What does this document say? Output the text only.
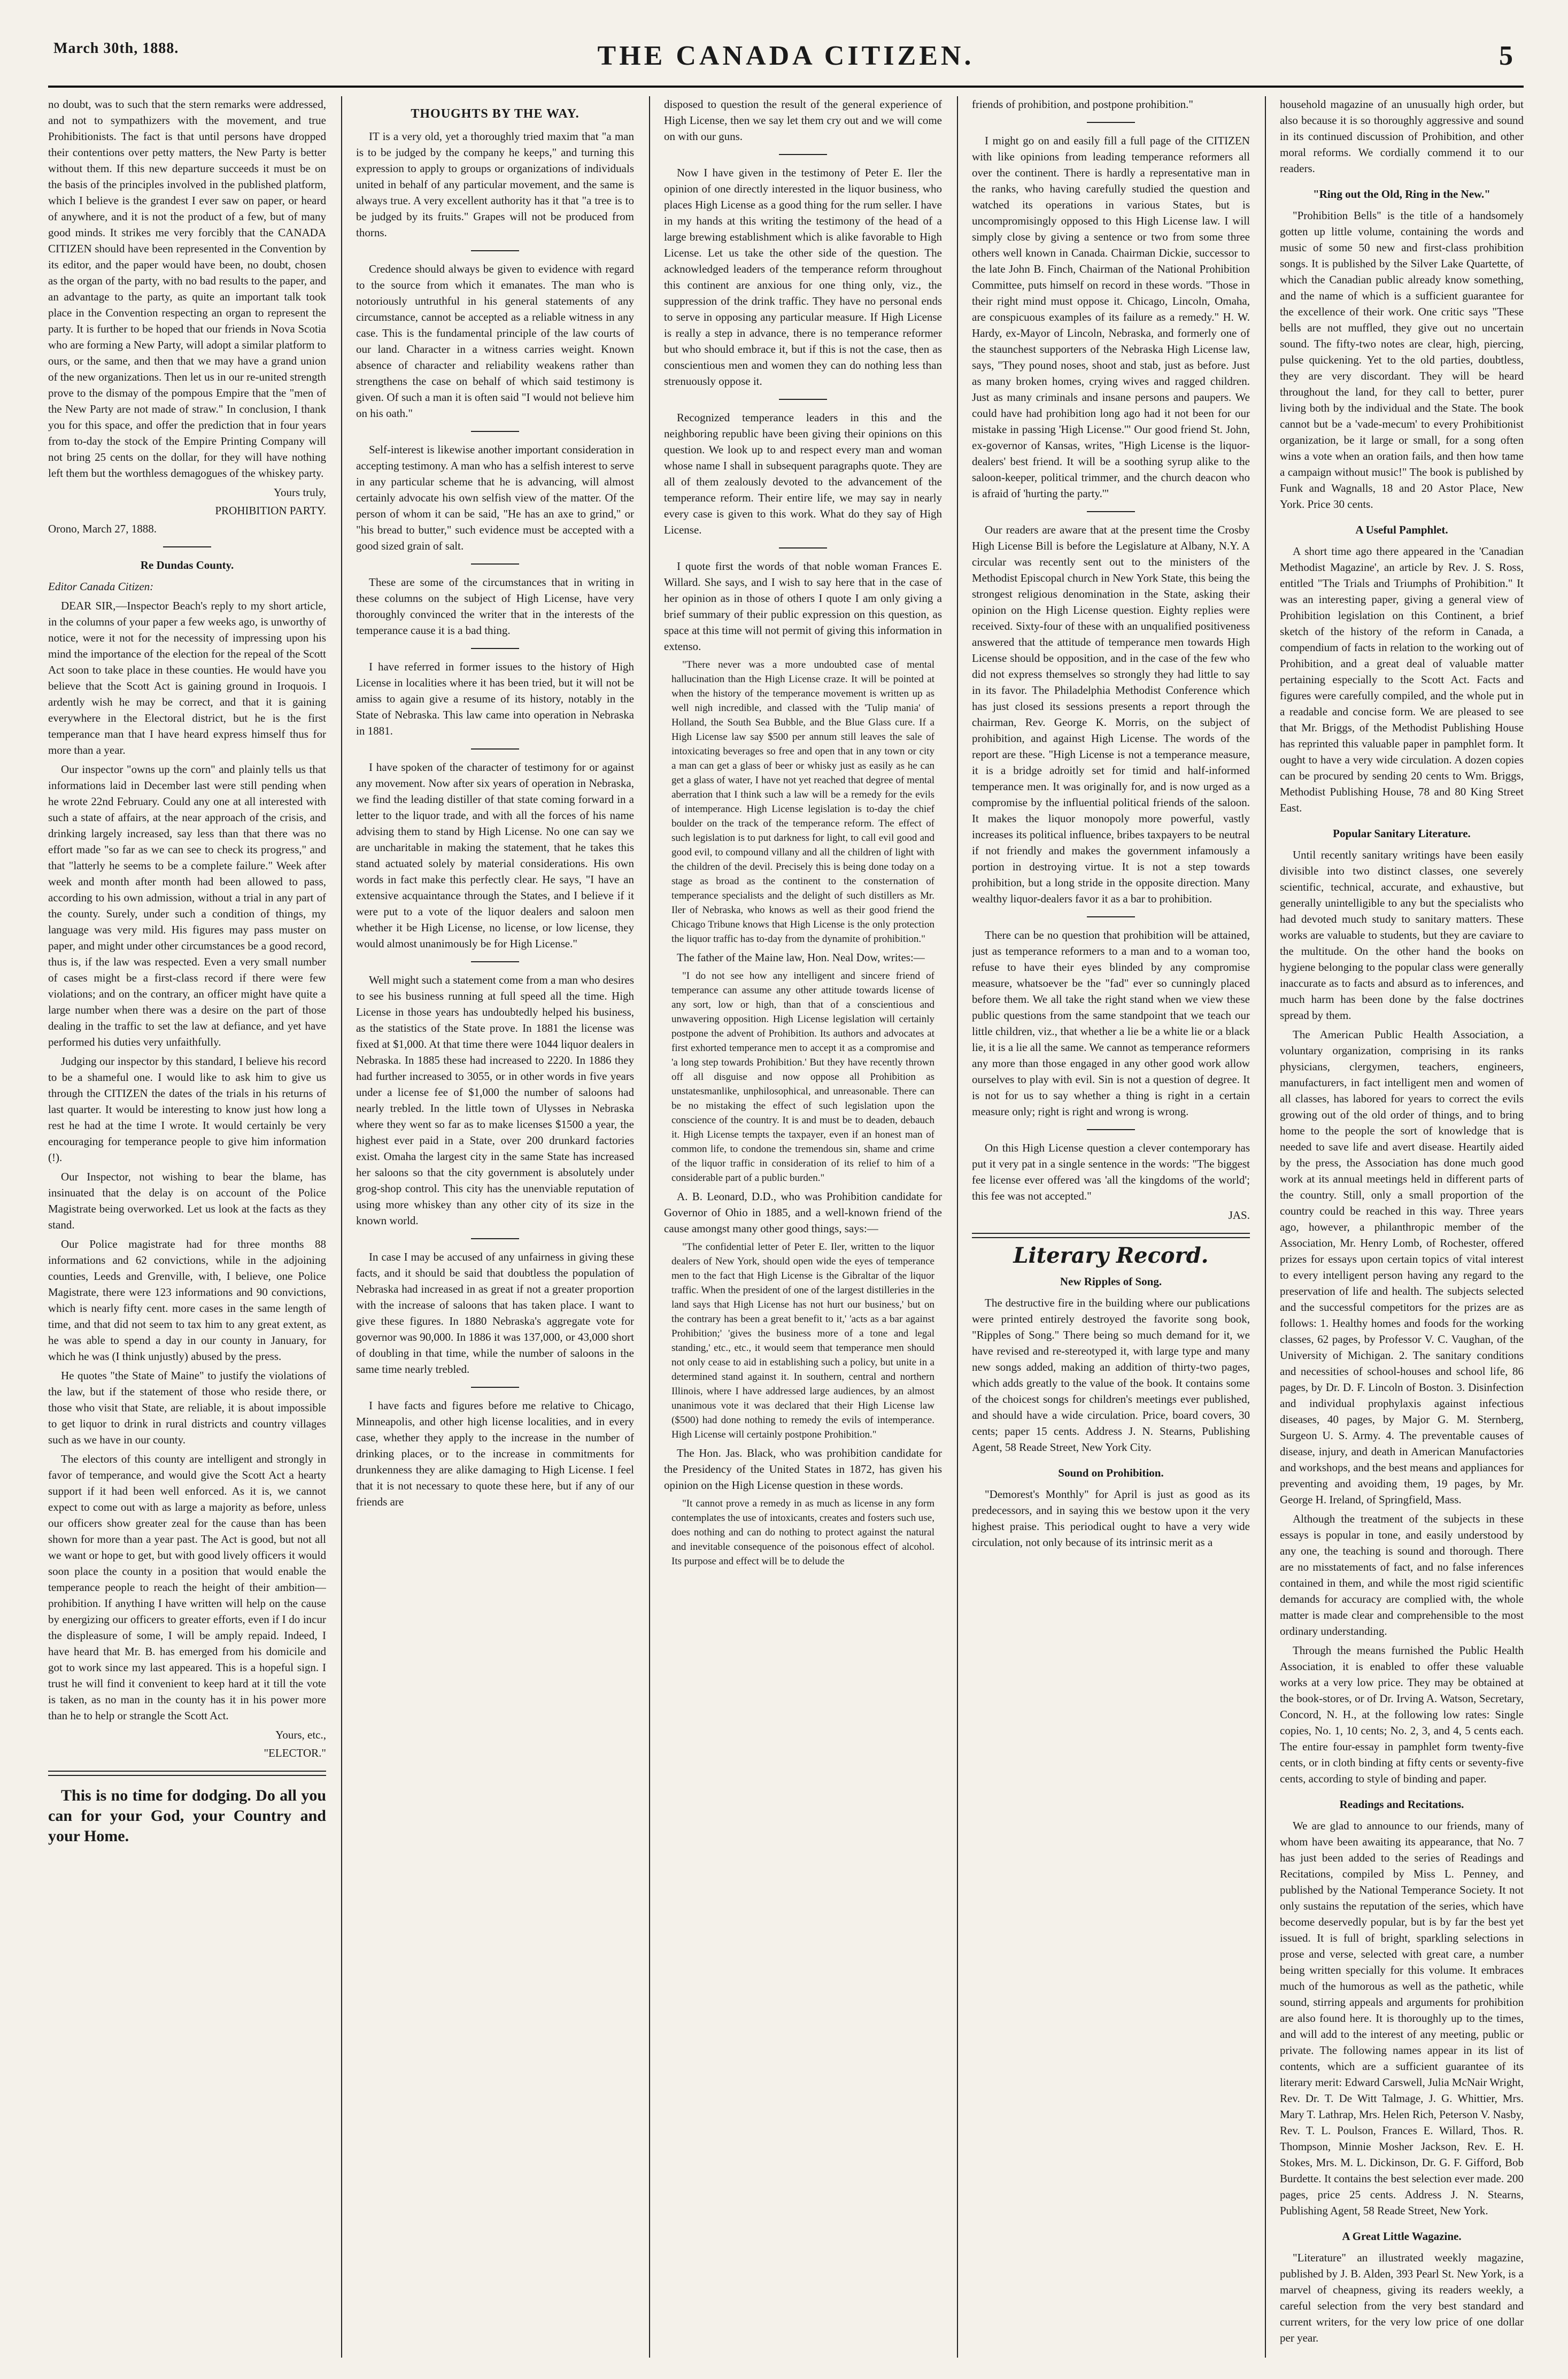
March 30th, 1888.	THE CANADA CITIZEN.	5

no doubt, was to such that the stern remarks were addressed, and not to sympathizers with the movement, and true Prohibitionists. The fact is that until persons have dropped their contentions over petty matters, the New Party is better without them. If this new departure succeeds it must be on the basis of the principles involved in the published platform, which I believe is the grandest I ever saw on paper, or heard of anywhere, and it is not the product of a few, but of many good minds. It strikes me very forcibly that the CANADA CITIZEN should have been represented in the Convention by its editor, and the paper would have been, no doubt, chosen as the organ of the party, with no bad results to the paper, and an advantage to the party, as quite an important talk took place in the Convention respecting an organ to represent the party. It is further to be hoped that our friends in Nova Scotia who are forming a New Party, will adopt a similar platform to ours, or the same, and then that we may have a grand union of the new organizations. Then let us in our re-united strength prove to the dismay of the pompous Empire that the "men of the New Party are not made of straw." In conclusion, I thank you for this space, and offer the prediction that in four years from to-day the stock of the Empire Printing Company will not bring 25 cents on the dollar, for they will have nothing left them but the worthless demagogues of the whiskey party.

Yours truly,

PROHIBITION PARTY.

Orono, March 27, 1888.

Re Dundas County.

Editor Canada Citizen:

DEAR SIR,—Inspector Beach's reply to my short article, in the columns of your paper a few weeks ago, is unworthy of notice, were it not for the necessity of impressing upon his mind the importance of the election for the repeal of the Scott Act soon to take place in these counties. He would have you believe that the Scott Act is gaining ground in Iroquois. I ardently wish he may be correct, and that it is gaining everywhere in the Electoral district, but he is the first temperance man that I have heard express himself thus for more than a year.

Our inspector "owns up the corn" and plainly tells us that informations laid in December last were still pending when he wrote 22nd February. Could any one at all interested with such a state of affairs, at the near approach of the crisis, and drinking largely increased, say less than that there was no effort made "so far as we can see to check its progress," and that "latterly he seems to be a complete failure." Week after week and month after month had been allowed to pass, according to his own admission, without a trial in any part of the county. Surely, under such a condition of things, my language was very mild. His figures may pass muster on paper, and might under other circumstances be a good record, thus is, if the law was respected. Even a very small number of cases might be a first-class record if there were few violations; and on the contrary, an officer might have quite a large number when there was a desire on the part of those dealing in the traffic to set the law at defiance, and yet have performed his duties very unfaithfully.

Judging our inspector by this standard, I believe his record to be a shameful one. I would like to ask him to give us through the CITIZEN the dates of the trials in his returns of last quarter. It would be interesting to know just how long a rest he had at the time I wrote. It would certainly be very encouraging for temperance people to give him information (!).

Our Inspector, not wishing to bear the blame, has insinuated that the delay is on account of the Police Magistrate being overworked. Let us look at the facts as they stand.

Our Police magistrate had for three months 88 informations and 62 convictions, while in the adjoining counties, Leeds and Grenville, with, I believe, one Police Magistrate, there were 123 informations and 90 convictions, which is nearly fifty cent. more cases in the same length of time, and that did not seem to tax him to any great extent, as he was able to spend a day in our county in January, for which he was (I think unjustly) abused by the press.

He quotes "the State of Maine" to justify the violations of the law, but if the statement of those who reside there, or those who visit that State, are reliable, it is about impossible to get liquor to drink in rural districts and country villages such as we have in our county.

The electors of this county are intelligent and strongly in favor of temperance, and would give the Scott Act a hearty support if it had been well enforced. As it is, we cannot expect to come out with as large a majority as before, unless our officers show greater zeal for the cause than has been shown for more than a year past. The Act is good, but not all we want or hope to get, but with good lively officers it would soon place the county in a position that would enable the temperance people to reach the height of their ambition—prohibition. If anything I have written will help on the cause by energizing our officers to greater efforts, even if I do incur the displeasure of some, I will be amply repaid. Indeed, I have heard that Mr. B. has emerged from his domicile and got to work since my last appeared. This is a hopeful sign. I trust he will find it convenient to keep hard at it till the vote is taken, as no man in the county has it in his power more than he to help or strangle the Scott Act.

Yours, etc.,

"ELECTOR."

This is no time for dodging. Do all you can for your God, your Country and your Home.

THOUGHTS BY THE WAY.

IT is a very old, yet a thoroughly tried maxim that "a man is to be judged by the company he keeps," and turning this expression to apply to groups or organizations of individuals united in behalf of any particular movement, and the same is always true. A very excellent authority has it that "a tree is to be judged by its fruits." Grapes will not be produced from thorns.

Credence should always be given to evidence with regard to the source from which it emanates. The man who is notoriously untruthful in his general statements of any circumstance, cannot be accepted as a reliable witness in any case. This is the fundamental principle of the law courts of our land. Character in a witness carries weight. Known absence of character and reliability weakens rather than strengthens the case on behalf of which said testimony is given. Of such a man it is often said "I would not believe him on his oath."

Self-interest is likewise another important consideration in accepting testimony. A man who has a selfish interest to serve in any particular scheme that he is advancing, will almost certainly advocate his own selfish view of the matter. Of the person of whom it can be said, "He has an axe to grind," or "his bread to butter," such evidence must be accepted with a good sized grain of salt.

These are some of the circumstances that in writing in these columns on the subject of High License, have very thoroughly convinced the writer that in the interests of the temperance cause it is a bad thing.

I have referred in former issues to the history of High License in localities where it has been tried, but it will not be amiss to again give a resume of its history, notably in the State of Nebraska. This law came into operation in Nebraska in 1881.

I have spoken of the character of testimony for or against any movement. Now after six years of operation in Nebraska, we find the leading distiller of that state coming forward in a letter to the liquor trade, and with all the forces of his name advising them to stand by High License. No one can say we are uncharitable in making the statement, that he takes this stand actuated solely by material considerations. His own words in fact make this perfectly clear. He says, "I have an extensive acquaintance through the States, and I believe if it were put to a vote of the liquor dealers and saloon men whether it be High License, no license, or low license, they would almost unanimously be for High License."

Well might such a statement come from a man who desires to see his business running at full speed all the time. High License in those years has undoubtedly helped his business, as the statistics of the State prove. In 1881 the license was fixed at $1,000. At that time there were 1044 liquor dealers in Nebraska. In 1885 these had increased to 2220. In 1886 they had further increased to 3055, or in other words in five years under a license fee of $1,000 the number of saloons had nearly trebled. In the little town of Ulysses in Nebraska where they went so far as to make licenses $1500 a year, the highest ever paid in a State, over 200 drunkard factories exist. Omaha the largest city in the same State has increased her saloons so that the city government is absolutely under grog-shop control. This city has the unenviable reputation of using more whiskey than any other city of its size in the known world.

In case I may be accused of any unfairness in giving these facts, and it should be said that doubtless the population of Nebraska had increased in as great if not a greater proportion with the increase of saloons that has taken place. I want to give these figures. In 1880 Nebraska's aggregate vote for governor was 90,000. In 1886 it was 137,000, or 43,000 short of doubling in that time, while the number of saloons in the same time nearly trebled.

I have facts and figures before me relative to Chicago, Minneapolis, and other high license localities, and in every case, whether they apply to the increase in the number of drinking places, or to the increase in commitments for drunkenness they are alike damaging to High License. I feel that it is not necessary to quote these here, but if any of our friends are

disposed to question the result of the general experience of High License, then we say let them cry out and we will come on with our guns.

Now I have given in the testimony of Peter E. Iler the opinion of one directly interested in the liquor business, who places High License as a good thing for the rum seller. I have in my hands at this writing the testimony of the head of a large brewing establishment which is alike favorable to High License. Let us take the other side of the question. The acknowledged leaders of the temperance reform throughout this continent are anxious for one thing only, viz., the suppression of the drink traffic. They have no personal ends to serve in opposing any particular measure. If High License is really a step in advance, there is no temperance reformer but who should embrace it, but if this is not the case, then as conscientious men and women they can do nothing less than strenuously oppose it.

Recognized temperance leaders in this and the neighboring republic have been giving their opinions on this question. We look up to and respect every man and woman whose name I shall in subsequent paragraphs quote. They are all of them zealously devoted to the advancement of the temperance reform. Their entire life, we may say in nearly every case is given to this work. What do they say of High License.

I quote first the words of that noble woman Frances E. Willard. She says, and I wish to say here that in the case of her opinion as in those of others I quote I am only giving a brief summary of their public expression on this question, as space at this time will not permit of giving this information in extenso.

"There never was a more undoubted case of mental hallucination than the High License craze. It will be pointed at when the history of the temperance movement is written up as well nigh incredible, and classed with the 'Tulip mania' of Holland, the South Sea Bubble, and the Blue Glass cure. If a High License law say $500 per annum still leaves the sale of intoxicating beverages so free and open that in any town or city a man can get a glass of beer or whisky just as easily as he can get a glass of water, I have not yet reached that degree of mental aberration that I think such a law will be a remedy for the evils of intemperance. High License legislation is to-day the chief boulder on the track of the temperance reform. The effect of such legislation is to put darkness for light, to call evil good and good evil, to compound villany and all the children of light with the children of the devil. Precisely this is being done today on a stage as broad as the continent to the consternation of temperance specialists and the delight of such distillers as Mr. Iler of Nebraska, who knows as well as their good friend the Chicago Tribune knows that High License is the only protection the liquor traffic has to-day from the dynamite of prohibition."

The father of the Maine law, Hon. Neal Dow, writes:—

"I do not see how any intelligent and sincere friend of temperance can assume any other attitude towards license of any sort, low or high, than that of a conscientious and unwavering opposition. High License legislation will certainly postpone the advent of Prohibition. Its authors and advocates at first exhorted temperance men to accept it as a compromise and 'a long step towards Prohibition.' But they have recently thrown off all disguise and now oppose all Prohibition as unstatesmanlike, unphilosophical, and unreasonable. There can be no mistaking the effect of such legislation upon the conscience of the country. It is and must be to deaden, debauch it. High License tempts the taxpayer, even if an honest man of common life, to condone the tremendous sin, shame and crime of the liquor traffic in consideration of its relief to him of a considerable part of a public burden."

A. B. Leonard, D.D., who was Prohibition candidate for Governor of Ohio in 1885, and a well-known friend of the cause amongst many other good things, says:—

"The confidential letter of Peter E. Iler, written to the liquor dealers of New York, should open wide the eyes of temperance men to the fact that High License is the Gibraltar of the liquor traffic. When the president of one of the largest distilleries in the land says that High License has not hurt our business,' but on the contrary has been a great benefit to it,' 'acts as a bar against Prohibition;' 'gives the business more of a tone and legal standing,' etc., etc., it would seem that temperance men should not only cease to aid in establishing such a policy, but unite in a determined stand against it. In southern, central and northern Illinois, where I have addressed large audiences, by an almost unanimous vote it was declared that their High License law ($500) had done nothing to remedy the evils of intemperance. High License will certainly postpone Prohibition."

The Hon. Jas. Black, who was prohibition candidate for the Presidency of the United States in 1872, has given his opinion on the High License question in these words.

"It cannot prove a remedy in as much as license in any form contemplates the use of intoxicants, creates and fosters such use, does nothing and can do nothing to protect against the natural and inevitable consequence of the poisonous effect of alcohol. Its purpose and effect will be to delude the

friends of prohibition, and postpone prohibition."

I might go on and easily fill a full page of the CITIZEN with like opinions from leading temperance reformers all over the continent. There is hardly a representative man in the ranks, who having carefully studied the question and watched its operations in various States, but is uncompromisingly opposed to this High License law. I will simply close by giving a sentence or two from some three others well known in Canada. Chairman Dickie, successor to the late John B. Finch, Chairman of the National Prohibition Committee, puts himself on record in these words. "Those in their right mind must oppose it. Chicago, Lincoln, Omaha, are conspicuous examples of its failure as a remedy." H. W. Hardy, ex-Mayor of Lincoln, Nebraska, and formerly one of the staunchest supporters of the Nebraska High License law, says, "They pound noses, shoot and stab, just as before. Just as many broken homes, crying wives and ragged children. Just as many criminals and insane persons and paupers. We could have had prohibition long ago had it not been for our mistake in passing 'High License.'" Our good friend St. John, ex-governor of Kansas, writes, "High License is the liquor-dealers' best friend. It will be a soothing syrup alike to the saloon-keeper, political trimmer, and the church deacon who is afraid of 'hurting the party.'"

Our readers are aware that at the present time the Crosby High License Bill is before the Legislature at Albany, N.Y. A circular was recently sent out to the ministers of the Methodist Episcopal church in New York State, this being the strongest religious denomination in the State, asking their opinion on the High License question. Eighty replies were received. Sixty-four of these with an unqualified positiveness answered that the attitude of temperance men towards High License should be opposition, and in the case of the few who did not express themselves so strongly they had little to say in its favor. The Philadelphia Methodist Conference which has just closed its sessions presents a report through the chairman, Rev. George K. Morris, on the subject of prohibition, and against High License. The words of the report are these. "High License is not a temperance measure, it is a bridge adroitly set for timid and half-informed temperance men. It was originally for, and is now urged as a compromise by the influential political friends of the saloon. It makes the liquor monopoly more powerful, vastly increases its political influence, bribes taxpayers to be neutral if not friendly and makes the government infamously a portion in destroying virtue. It is not a step towards prohibition, but a long stride in the opposite direction. Many wealthy liquor-dealers favor it as a bar to prohibition.

There can be no question that prohibition will be attained, just as temperance reformers to a man and to a woman too, refuse to have their eyes blinded by any compromise measure, whatsoever be the "fad" ever so cunningly placed before them. We all take the right stand when we view these public questions from the same standpoint that we teach our little children, viz., that whether a lie be a white lie or a black lie, it is a lie all the same. We cannot as temperance reformers any more than those engaged in any other good work allow ourselves to play with evil. Sin is not a question of degree. It is not for us to say whether a thing is right in a certain measure only; right is right and wrong is wrong.

On this High License question a clever contemporary has put it very pat in a single sentence in the words: "The biggest fee license ever offered was 'all the kingdoms of the world'; this fee was not accepted."

JAS.

Literary Record.
New Ripples of Song.

The destructive fire in the building where our publications were printed entirely destroyed the favorite song book, "Ripples of Song." There being so much demand for it, we have revised and re-stereotyped it, with large type and many new songs added, making an addition of thirty-two pages, which adds greatly to the value of the book. It contains some of the choicest songs for children's meetings ever published, and should have a wide circulation. Price, board covers, 30 cents; paper 15 cents. Address J. N. Stearns, Publishing Agent, 58 Reade Street, New York City.

Sound on Prohibition.

"Demorest's Monthly" for April is just as good as its predecessors, and in saying this we bestow upon it the very highest praise. This periodical ought to have a very wide circulation, not only because of its intrinsic merit as a

household magazine of an unusually high order, but also because it is so thoroughly aggressive and sound in its continued discussion of Prohibition, and other moral reforms. We cordially commend it to our readers.

"Ring out the Old, Ring in the New."

"Prohibition Bells" is the title of a handsomely gotten up little volume, containing the words and music of some 50 new and first-class prohibition songs. It is published by the Silver Lake Quartette, of which the Canadian public already know something, and the name of which is a sufficient guarantee for the excellence of their work. One critic says "These bells are not muffled, they give out no uncertain sound. The fifty-two notes are clear, high, piercing, pulse quickening. Yet to the old parties, doubtless, they are very discordant. They will be heard throughout the land, for they call to better, purer living both by the individual and the State. The book cannot but be a 'vade-mecum' to every Prohibitionist organization, be it large or small, for a song often wins a vote when an oration fails, and then how tame a campaign without music!" The book is published by Funk and Wagnalls, 18 and 20 Astor Place, New York. Price 30 cents.

A Useful Pamphlet.

A short time ago there appeared in the 'Canadian Methodist Magazine', an article by Rev. J. S. Ross, entitled "The Trials and Triumphs of Prohibition." It was an interesting paper, giving a general view of Prohibition legislation on this Continent, a brief sketch of the history of the reform in Canada, a compendium of facts in relation to the working out of Prohibition, and a great deal of valuable matter pertaining especially to the Scott Act. Facts and figures were carefully compiled, and the whole put in a readable and concise form. We are pleased to see that Mr. Briggs, of the Methodist Publishing House has reprinted this valuable paper in pamphlet form. It ought to have a very wide circulation. A dozen copies can be procured by sending 20 cents to Wm. Briggs, Methodist Publishing House, 78 and 80 King Street East.

Popular Sanitary Literature.

Until recently sanitary writings have been easily divisible into two distinct classes, one severely scientific, technical, accurate, and exhaustive, but generally unintelligible to any but the specialists who had devoted much study to sanitary matters. These works are valuable to students, but they are caviare to the multitude. On the other hand the books on hygiene belonging to the popular class were generally inaccurate as to facts and absurd as to inferences, and much harm has been done by the false doctrines spread by them.

The American Public Health Association, a voluntary organization, comprising in its ranks physicians, clergymen, teachers, engineers, manufacturers, in fact intelligent men and women of all classes, has labored for years to correct the evils growing out of the old order of things, and to bring home to the people the sort of knowledge that is needed to save life and avert disease. Heartily aided by the press, the Association has done much good work at its annual meetings held in different parts of the country. Still, only a small proportion of the country could be reached in this way. Three years ago, however, a philanthropic member of the Association, Mr. Henry Lomb, of Rochester, offered prizes for essays upon certain topics of vital interest to every intelligent person having any regard to the preservation of life and health. The subjects selected and the successful competitors for the prizes are as follows: 1. Healthy homes and foods for the working classes, 62 pages, by Professor V. C. Vaughan, of the University of Michigan. 2. The sanitary conditions and necessities of school-houses and school life, 86 pages, by Dr. D. F. Lincoln of Boston. 3. Disinfection and individual prophylaxis against infectious diseases, 40 pages, by Major G. M. Sternberg, Surgeon U. S. Army. 4. The preventable causes of disease, injury, and death in American Manufactories and workshops, and the best means and appliances for preventing and avoiding them, 19 pages, by Mr. George H. Ireland, of Springfield, Mass.

Although the treatment of the subjects in these essays is popular in tone, and easily understood by any one, the teaching is sound and thorough. There are no misstatements of fact, and no false inferences contained in them, and while the most rigid scientific demands for accuracy are complied with, the whole matter is made clear and comprehensible to the most ordinary understanding.

Through the means furnished the Public Health Association, it is enabled to offer these valuable works at a very low price. They may be obtained at the book-stores, or of Dr. Irving A. Watson, Secretary, Concord, N. H., at the following low rates: Single copies, No. 1, 10 cents; No. 2, 3, and 4, 5 cents each. The entire four-essay in pamphlet form twenty-five cents, or in cloth binding at fifty cents or seventy-five cents, according to style of binding and paper.

Readings and Recitations.

We are glad to announce to our friends, many of whom have been awaiting its appearance, that No. 7 has just been added to the series of Readings and Recitations, compiled by Miss L. Penney, and published by the National Temperance Society. It not only sustains the reputation of the series, which have become deservedly popular, but is by far the best yet issued. It is full of bright, sparkling selections in prose and verse, selected with great care, a number being written specially for this volume. It embraces much of the humorous as well as the pathetic, while sound, stirring appeals and arguments for prohibition are also found here. It is thoroughly up to the times, and will add to the interest of any meeting, public or private. The following names appear in its list of contents, which are a sufficient guarantee of its literary merit: Edward Carswell, Julia McNair Wright, Rev. Dr. T. De Witt Talmage, J. G. Whittier, Mrs. Mary T. Lathrap, Mrs. Helen Rich, Peterson V. Nasby, Rev. T. L. Poulson, Frances E. Willard, Thos. R. Thompson, Minnie Mosher Jackson, Rev. E. H. Stokes, Mrs. M. L. Dickinson, Dr. G. F. Gifford, Bob Burdette. It contains the best selection ever made. 200 pages, price 25 cents. Address J. N. Stearns, Publishing Agent, 58 Reade Street, New York.

A Great Little Wagazine.

"Literature" an illustrated weekly magazine, published by J. B. Alden, 393 Pearl St. New York, is a marvel of cheapness, giving its readers weekly, a careful selection from the very best standard and current writers, for the very low price of one dollar per year.
